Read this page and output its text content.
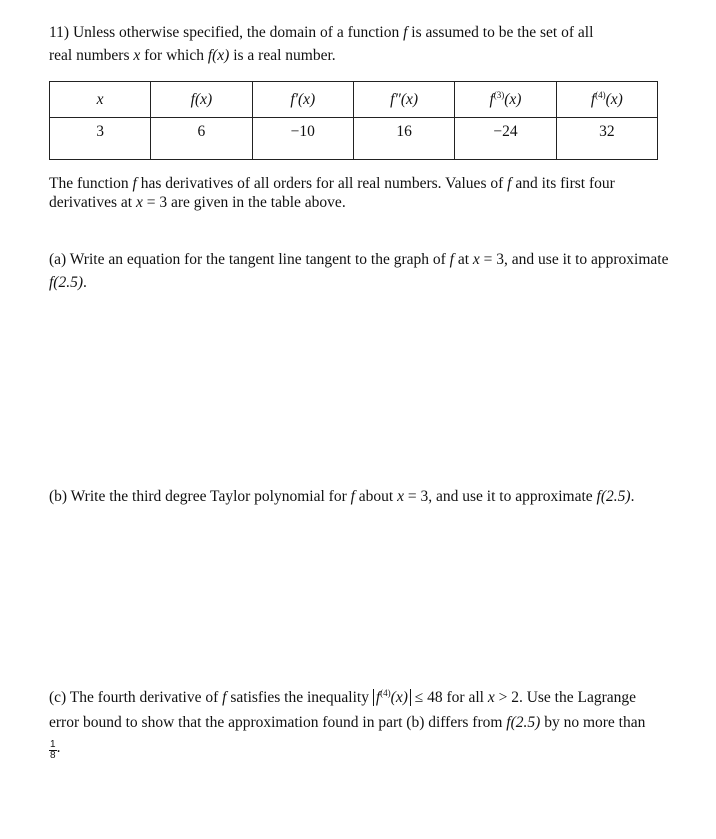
11) Unless otherwise specified, the domain of a function f is assumed to be the set of all
real numbers x for which f(x) is a real number.
x	f(x)	f′(x)	f″(x)	$f^{(3)}(x)$	$f^{(4)}(x)$
3	6	−10	16	−24	32
The function f has derivatives of all orders for all real numbers. Values of f and its first four derivatives at x = 3 are given in the table above.
(a) Write an equation for the tangent line tangent to the graph of f at x = 3, and use it to approximate f(2.5).
(b) Write the third degree Taylor polynomial for f about x = 3, and use it to approximate f(2.5).
(c) The fourth derivative of f satisfies the inequality $f^{(4)}(x) \le 48$ for all x > 2. Use the Lagrange error bound to show that the approximation found in part (b) differs from f(2.5) by no more than
$\frac{1}{8}$ .
